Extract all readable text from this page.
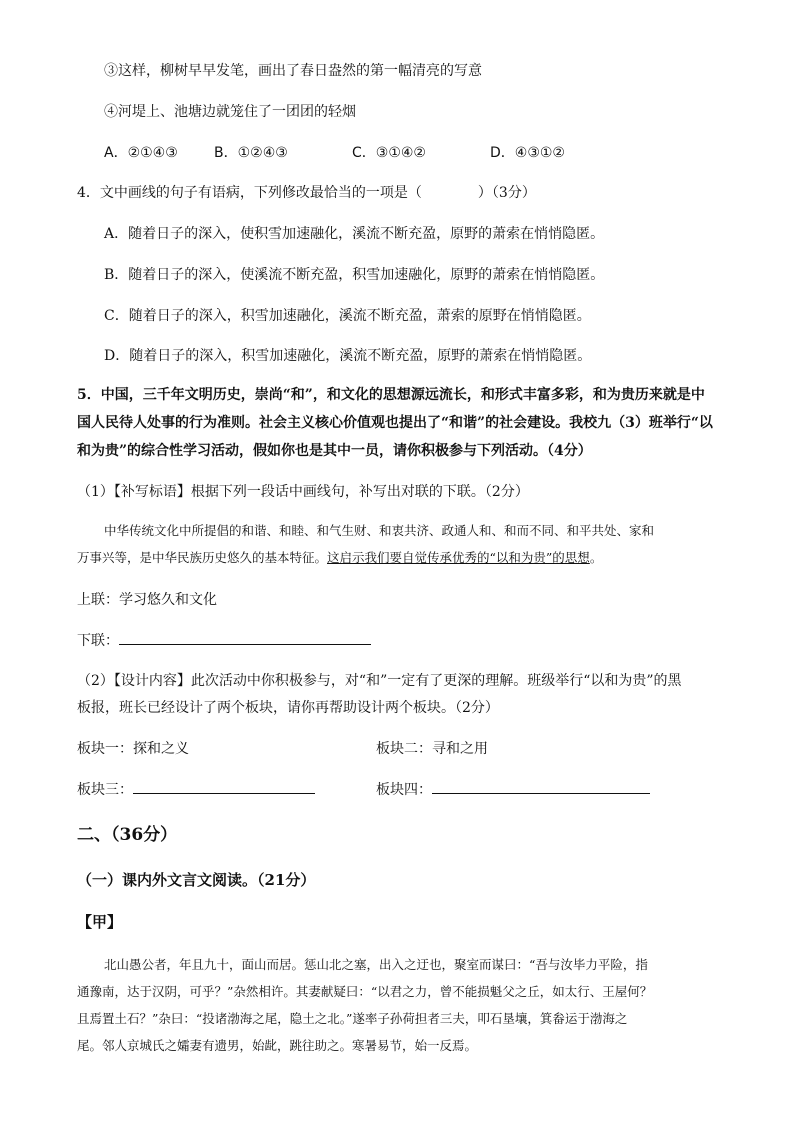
③这样，柳树早早发笔，画出了春日盎然的第一幅清亮的写意
④河堤上、池塘边就笼住了一团团的轻烟
A．②①④③	B．①②④③	C．③①④②	D．④③①②
4．文中画线的句子有语病，下列修改最恰当的一项是（　　　　）（3分）
A．随着日子的深入，使积雪加速融化，溪流不断充盈，原野的萧索在悄悄隐匿。
B．随着日子的深入，使溪流不断充盈，积雪加速融化，原野的萧索在悄悄隐匿。
C．随着日子的深入，积雪加速融化，溪流不断充盈，萧索的原野在悄悄隐匿。
D．随着日子的深入，积雪加速融化，溪流不断充盈，原野的萧索在悄悄隐匿。
5．中国，三千年文明历史，崇尚“和”，和文化的思想源远流长，和形式丰富多彩，和为贵历来就是中
国人民待人处事的行为准则。社会主义核心价值观也提出了“和谐”的社会建设。我校九（3）班举行“以
和为贵”的综合性学习活动，假如你也是其中一员，请你积极参与下列活动。（4分）
（1）【补写标语】根据下列一段话中画线句，补写出对联的下联。（2分）
中华传统文化中所提倡的和谐、和睦、和气生财、和衷共济、政通人和、和而不同、和平共处、家和
万事兴等，是中华民族历史悠久的基本特征。这启示我们要自觉传承优秀的“以和为贵”的思想。
上联：学习悠久和文化
下联：
（2）【设计内容】此次活动中你积极参与，对“和”一定有了更深的理解。班级举行“以和为贵”的黑
板报，班长已经设计了两个板块，请你再帮助设计两个板块。（2分）
板块一：探和之义	板块二：寻和之用
板块三：	板块四：
二、（36分）
（一）课内外文言文阅读。（21分）
【甲】
北山愚公者，年且九十，面山而居。惩山北之塞，出入之迂也，聚室而谋曰：“吾与汝毕力平险，指
通豫南，达于汉阴，可乎？”杂然相许。其妻献疑曰：“以君之力，曾不能损魁父之丘，如太行、王屋何？
且焉置土石？”杂曰：“投诸渤海之尾，隐土之北。”遂率子孙荷担者三夫，叩石垦壤，箕畚运于渤海之
尾。邻人京城氏之孀妻有遗男，始龀，跳往助之。寒暑易节，始一反焉。
